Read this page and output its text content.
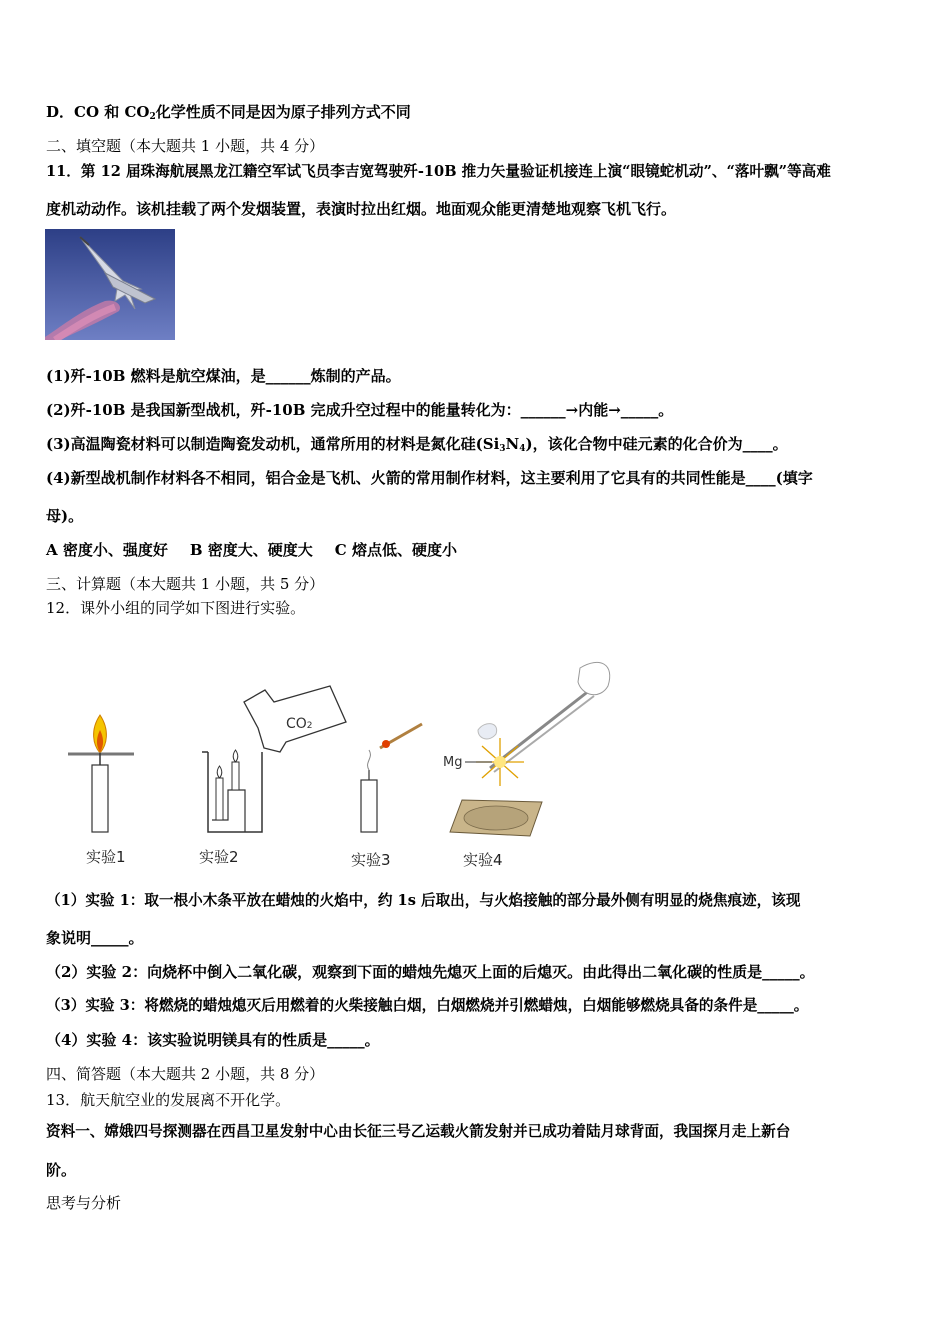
D．CO 和 $CO_2$化学性质不同是因为原子排列方式不同
二、填空题（本大题共 1 小题，共 4 分）
11．第 12 届珠海航展黑龙江籍空军试飞员李吉宽驾驶歼-10B 推力矢量验证机接连上演“眼镜蛇机动”、“落叶飘”等高难
度机动动作。该机挂载了两个发烟装置，表演时拉出红烟。地面观众能更清楚地观察飞机飞行。
(1)歼-10B 燃料是航空煤油，是______炼制的产品。
(2)歼-10B 是我国新型战机，歼-10B 完成升空过程中的能量转化为：______→内能→_____。
(3)高温陶瓷材料可以制造陶瓷发动机，通常所用的材料是氮化硅$(Si_3N_4)$，该化合物中硅元素的化合价为____。
(4)新型战机制作材料各不相同，铝合金是飞机、火箭的常用制作材料，这主要利用了它具有的共同性能是____(填字
母)。
A 密度小、强度好 B 密度大、硬度大 C 熔点低、硬度小
三、计算题（本大题共 1 小题，共 5 分）
12．课外小组的同学如下图进行实验。
CO2
Mg
实验1	实验2	实验3	实验4
（1）实验 1：取一根小木条平放在蜡烛的火焰中，约 1s 后取出，与火焰接触的部分最外侧有明显的烧焦痕迹，该现
象说明_____。
（2）实验 2：向烧杯中倒入二氧化碳，观察到下面的蜡烛先熄灭上面的后熄灭。由此得出二氧化碳的性质是_____。
（3）实验 3：将燃烧的蜡烛熄灭后用燃着的火柴接触白烟，白烟燃烧并引燃蜡烛，白烟能够燃烧具备的条件是_____。
（4）实验 4：该实验说明镁具有的性质是_____。
四、简答题（本大题共 2 小题，共 8 分）
13．航天航空业的发展离不开化学。
资料一、嫦娥四号探测器在西昌卫星发射中心由长征三号乙运载火箭发射并已成功着陆月球背面，我国探月走上新台
阶。
思考与分析
